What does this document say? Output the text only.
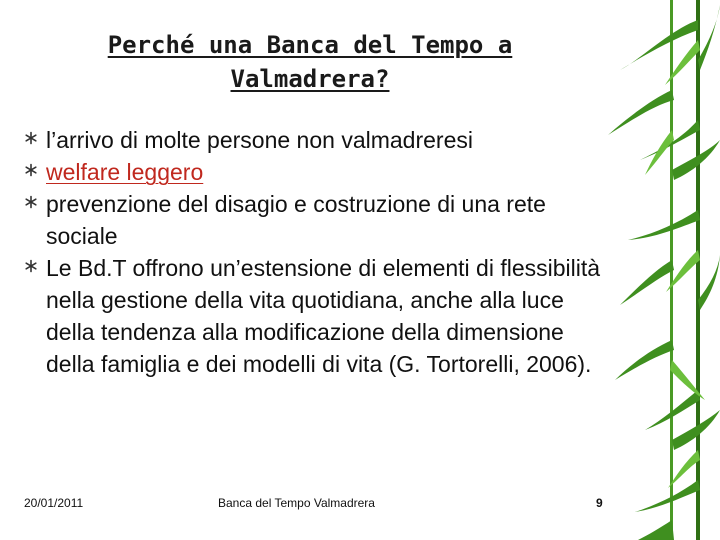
Perché una Banca del Tempo a
Valmadrera?
l’arrivo di molte persone non valmadreresi
welfare leggero
prevenzione del disagio e costruzione di una rete sociale
Le Bd.T offrono un’estensione di elementi di flessibilità nella gestione della vita quotidiana, anche alla luce della tendenza alla modificazione della dimensione della famiglia e dei modelli di vita (G. Tortorelli, 2006).
20/01/2011	Banca del Tempo Valmadrera	9
